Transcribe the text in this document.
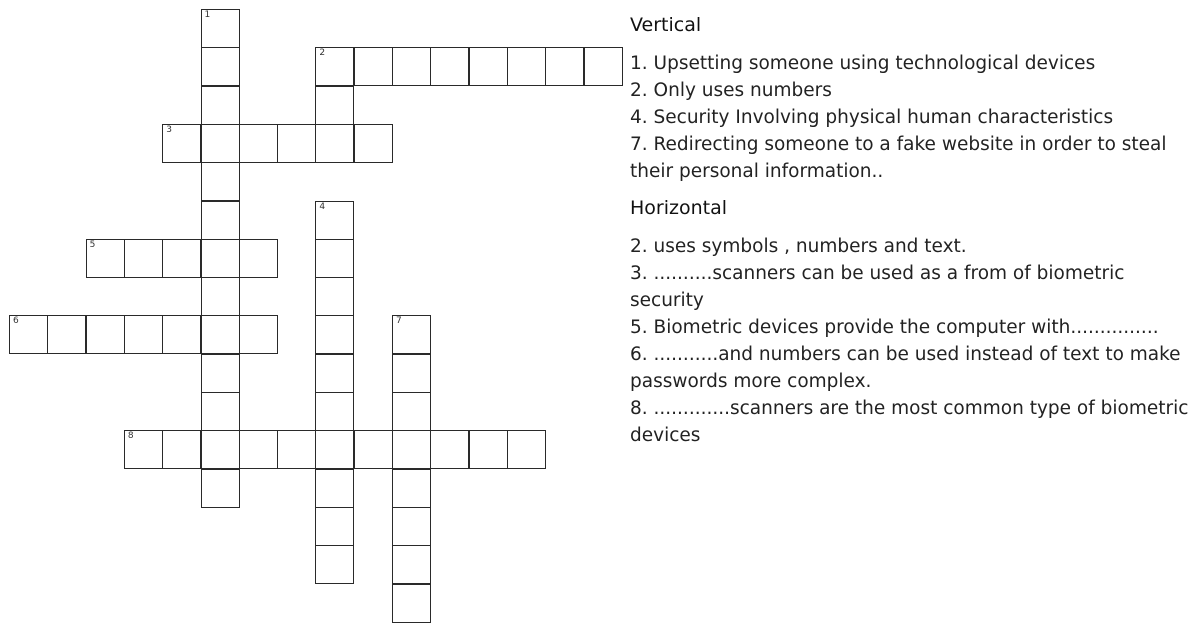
1
2
3
4
5
6	7
8
Vertical
1. Upsetting someone using technological devices
2. Only uses numbers
4. Security Involving physical human characteristics
7. Redirecting someone to a fake website in order to steal their personal information..
Horizontal
2. uses symbols , numbers and text.
3. ..........scanners can be used as a from of biometric security
5. Biometric devices provide the computer with...............
6. ...........and numbers can be used instead of text to make passwords more complex.
8. .............scanners are the most common type of biometric devices
